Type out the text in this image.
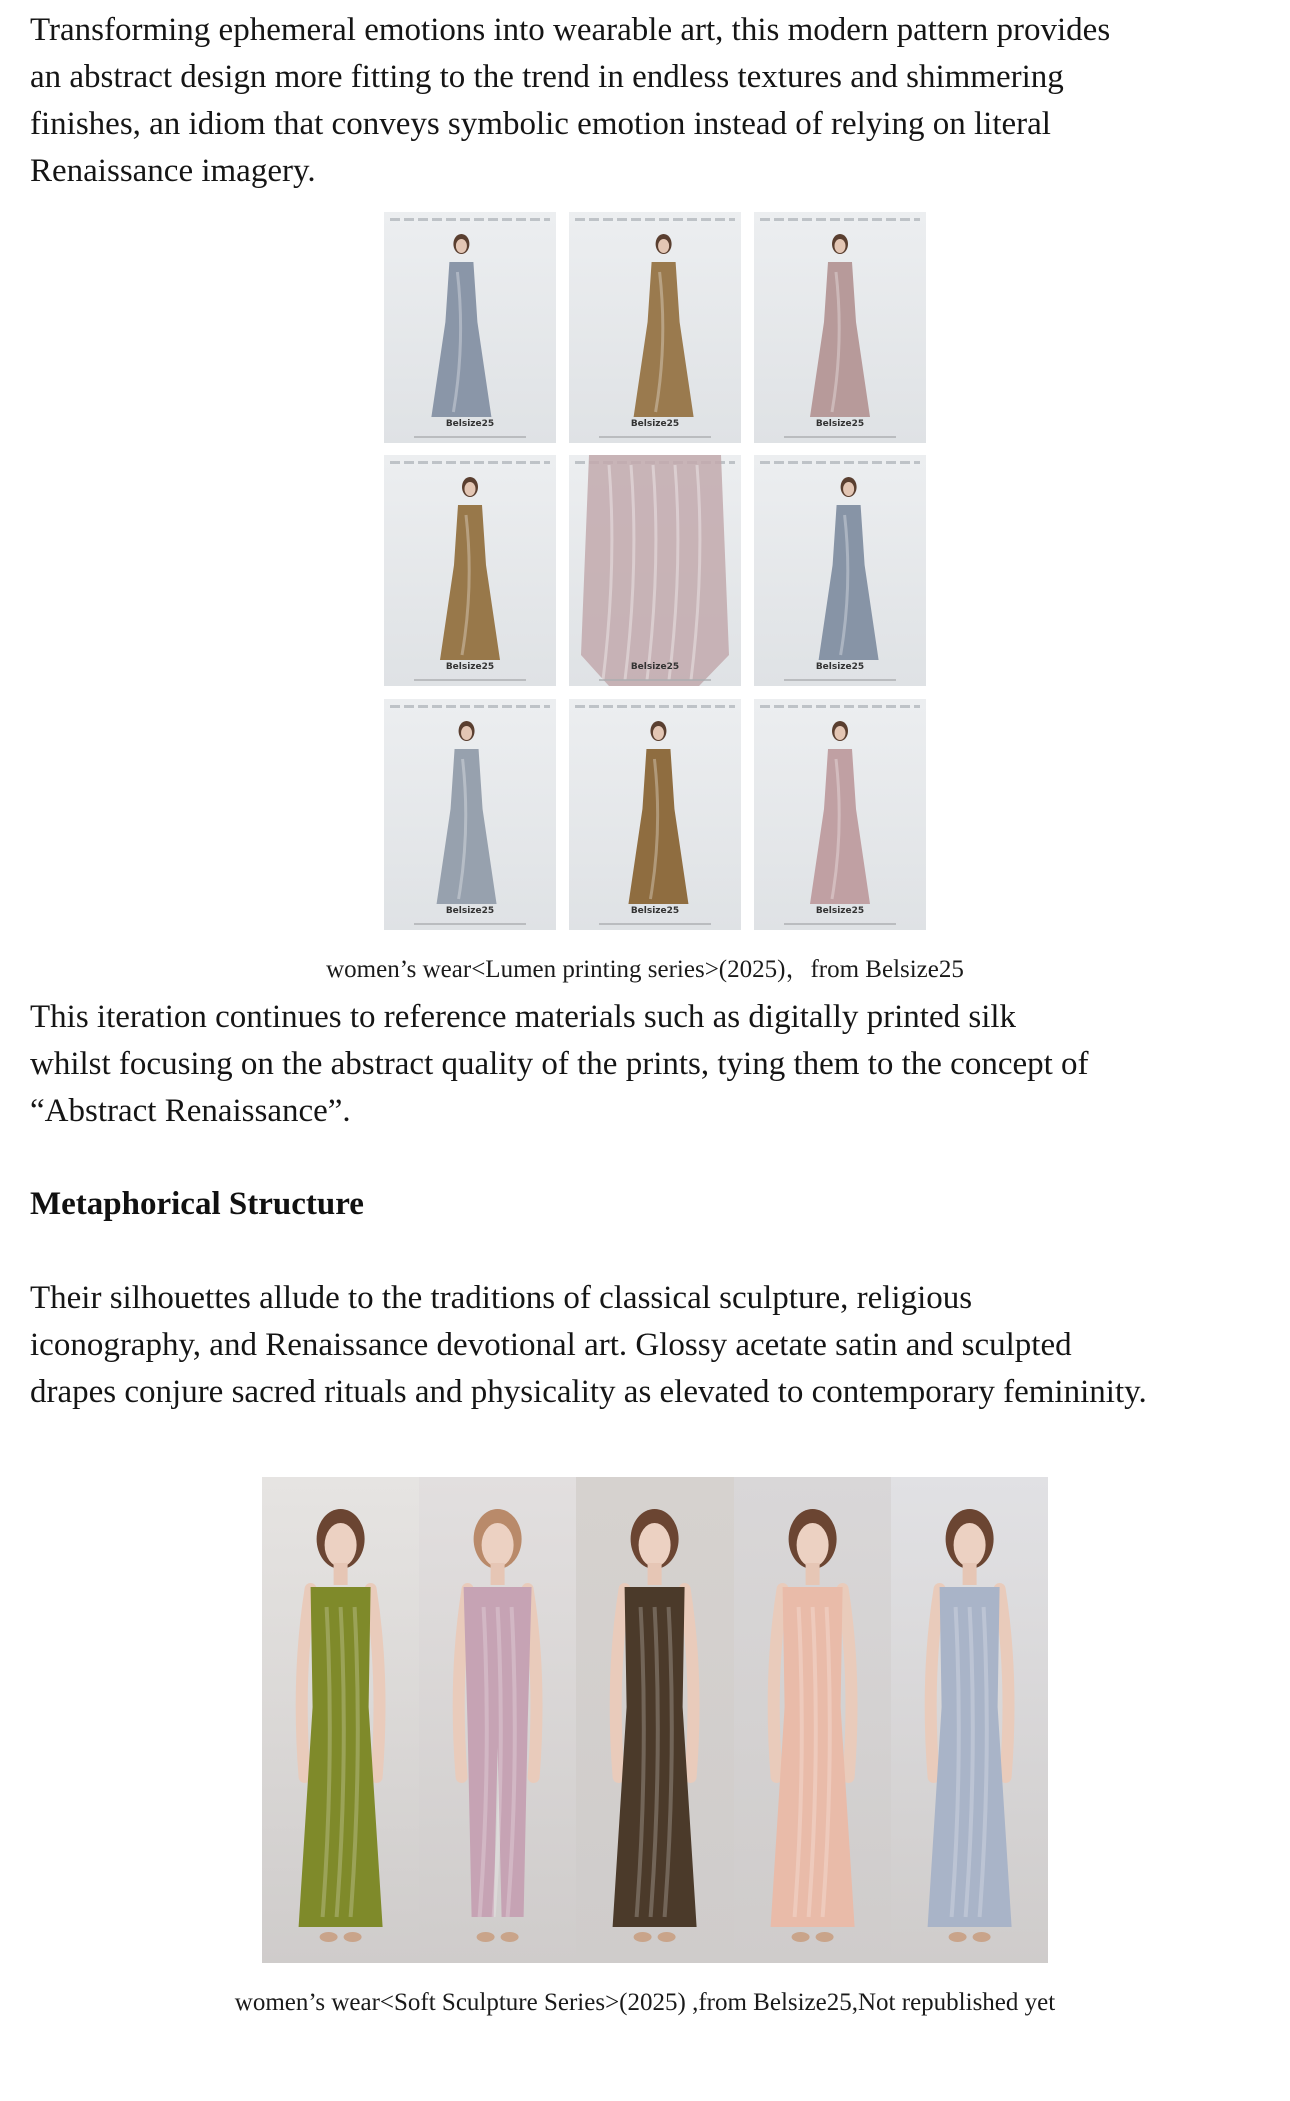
Transforming ephemeral emotions into wearable art, this modern pattern provides
an abstract design more fitting to the trend in endless textures and shimmering
finishes, an idiom that conveys symbolic emotion instead of relying on literal
Renaissance imagery.
Belsize25	Belsize25	Belsize25
Belsize25	Belsize25	Belsize25
Belsize25	Belsize25	Belsize25

women’s wear<Lumen printing series>(2025)，from Belsize25

This iteration continues to reference materials such as digitally printed silk
whilst focusing on the abstract quality of the prints, tying them to the concept of
“Abstract Renaissance”.
Metaphorical Structure
Their silhouettes allude to the traditions of classical sculpture, religious
iconography, and Renaissance devotional art. Glossy acetate satin and sculpted
drapes conjure sacred rituals and physicality as elevated to contemporary femininity.

women’s wear<Soft Sculpture Series>(2025) ,from Belsize25,Not republished yet
